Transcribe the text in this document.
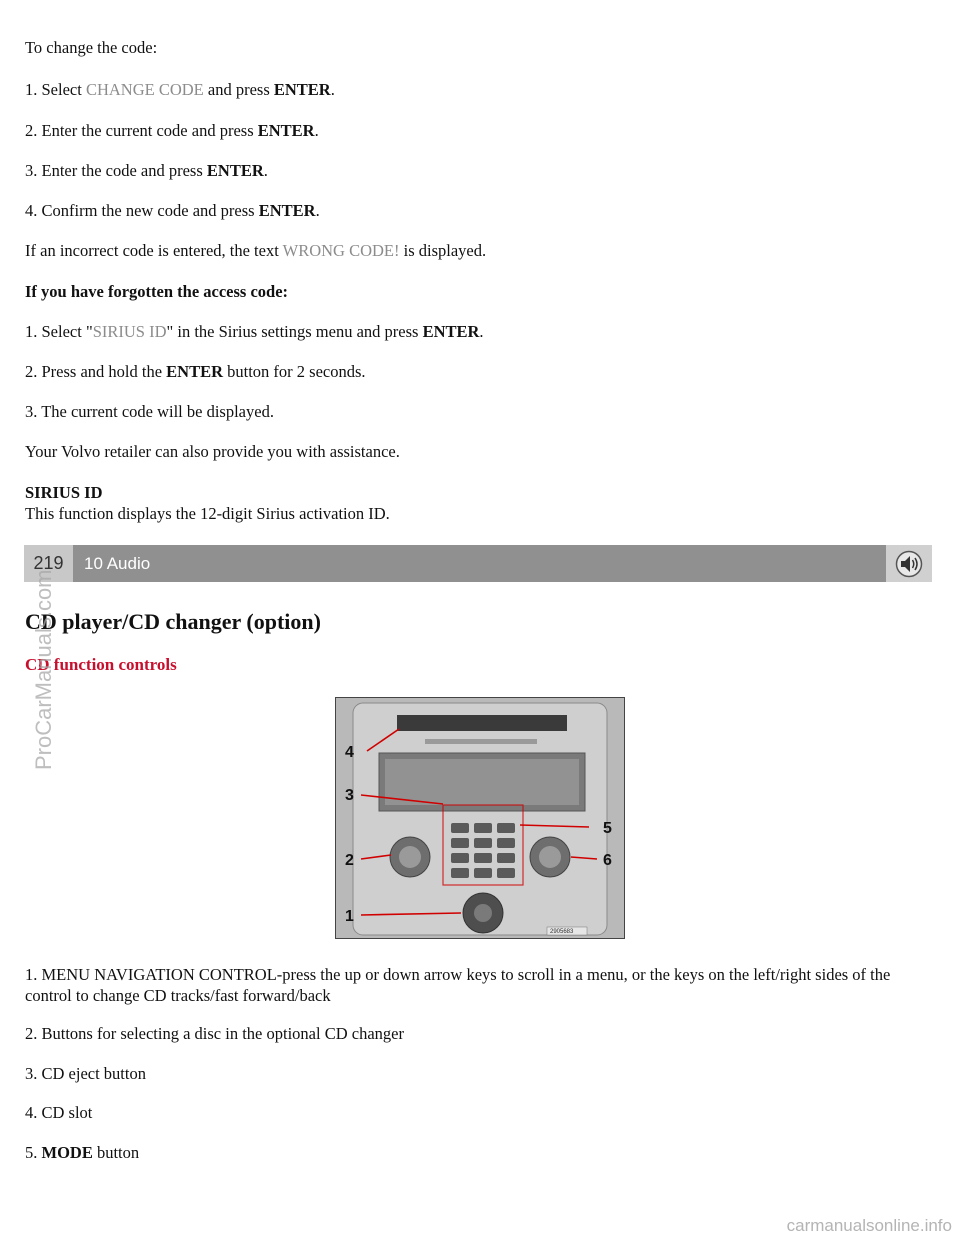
To change the code:
1. Select CHANGE CODE and press ENTER.
2. Enter the current code and press ENTER.
3. Enter the code and press ENTER.
4. Confirm the new code and press ENTER.
If an incorrect code is entered, the text WRONG CODE! is displayed.
If you have forgotten the access code:
1. Select "SIRIUS ID" in the Sirius settings menu and press ENTER.
2. Press and hold the ENTER button for 2 seconds.
3. The current code will be displayed.
Your Volvo retailer can also provide you with assistance.
SIRIUS ID
This function displays the 12-digit Sirius activation ID.
219	10 Audio
CD player/CD changer (option)
CD function controls
4
3
2
1
5
6
2905683
1. MENU NAVIGATION CONTROL-press the up or down arrow keys to scroll in a menu, or the keys on the left/right sides of the control to change CD tracks/fast forward/back
2. Buttons for selecting a disc in the optional CD changer
3. CD eject button
4. CD slot
5. MODE button
ProCarManuals.com
carmanualsonline.info
